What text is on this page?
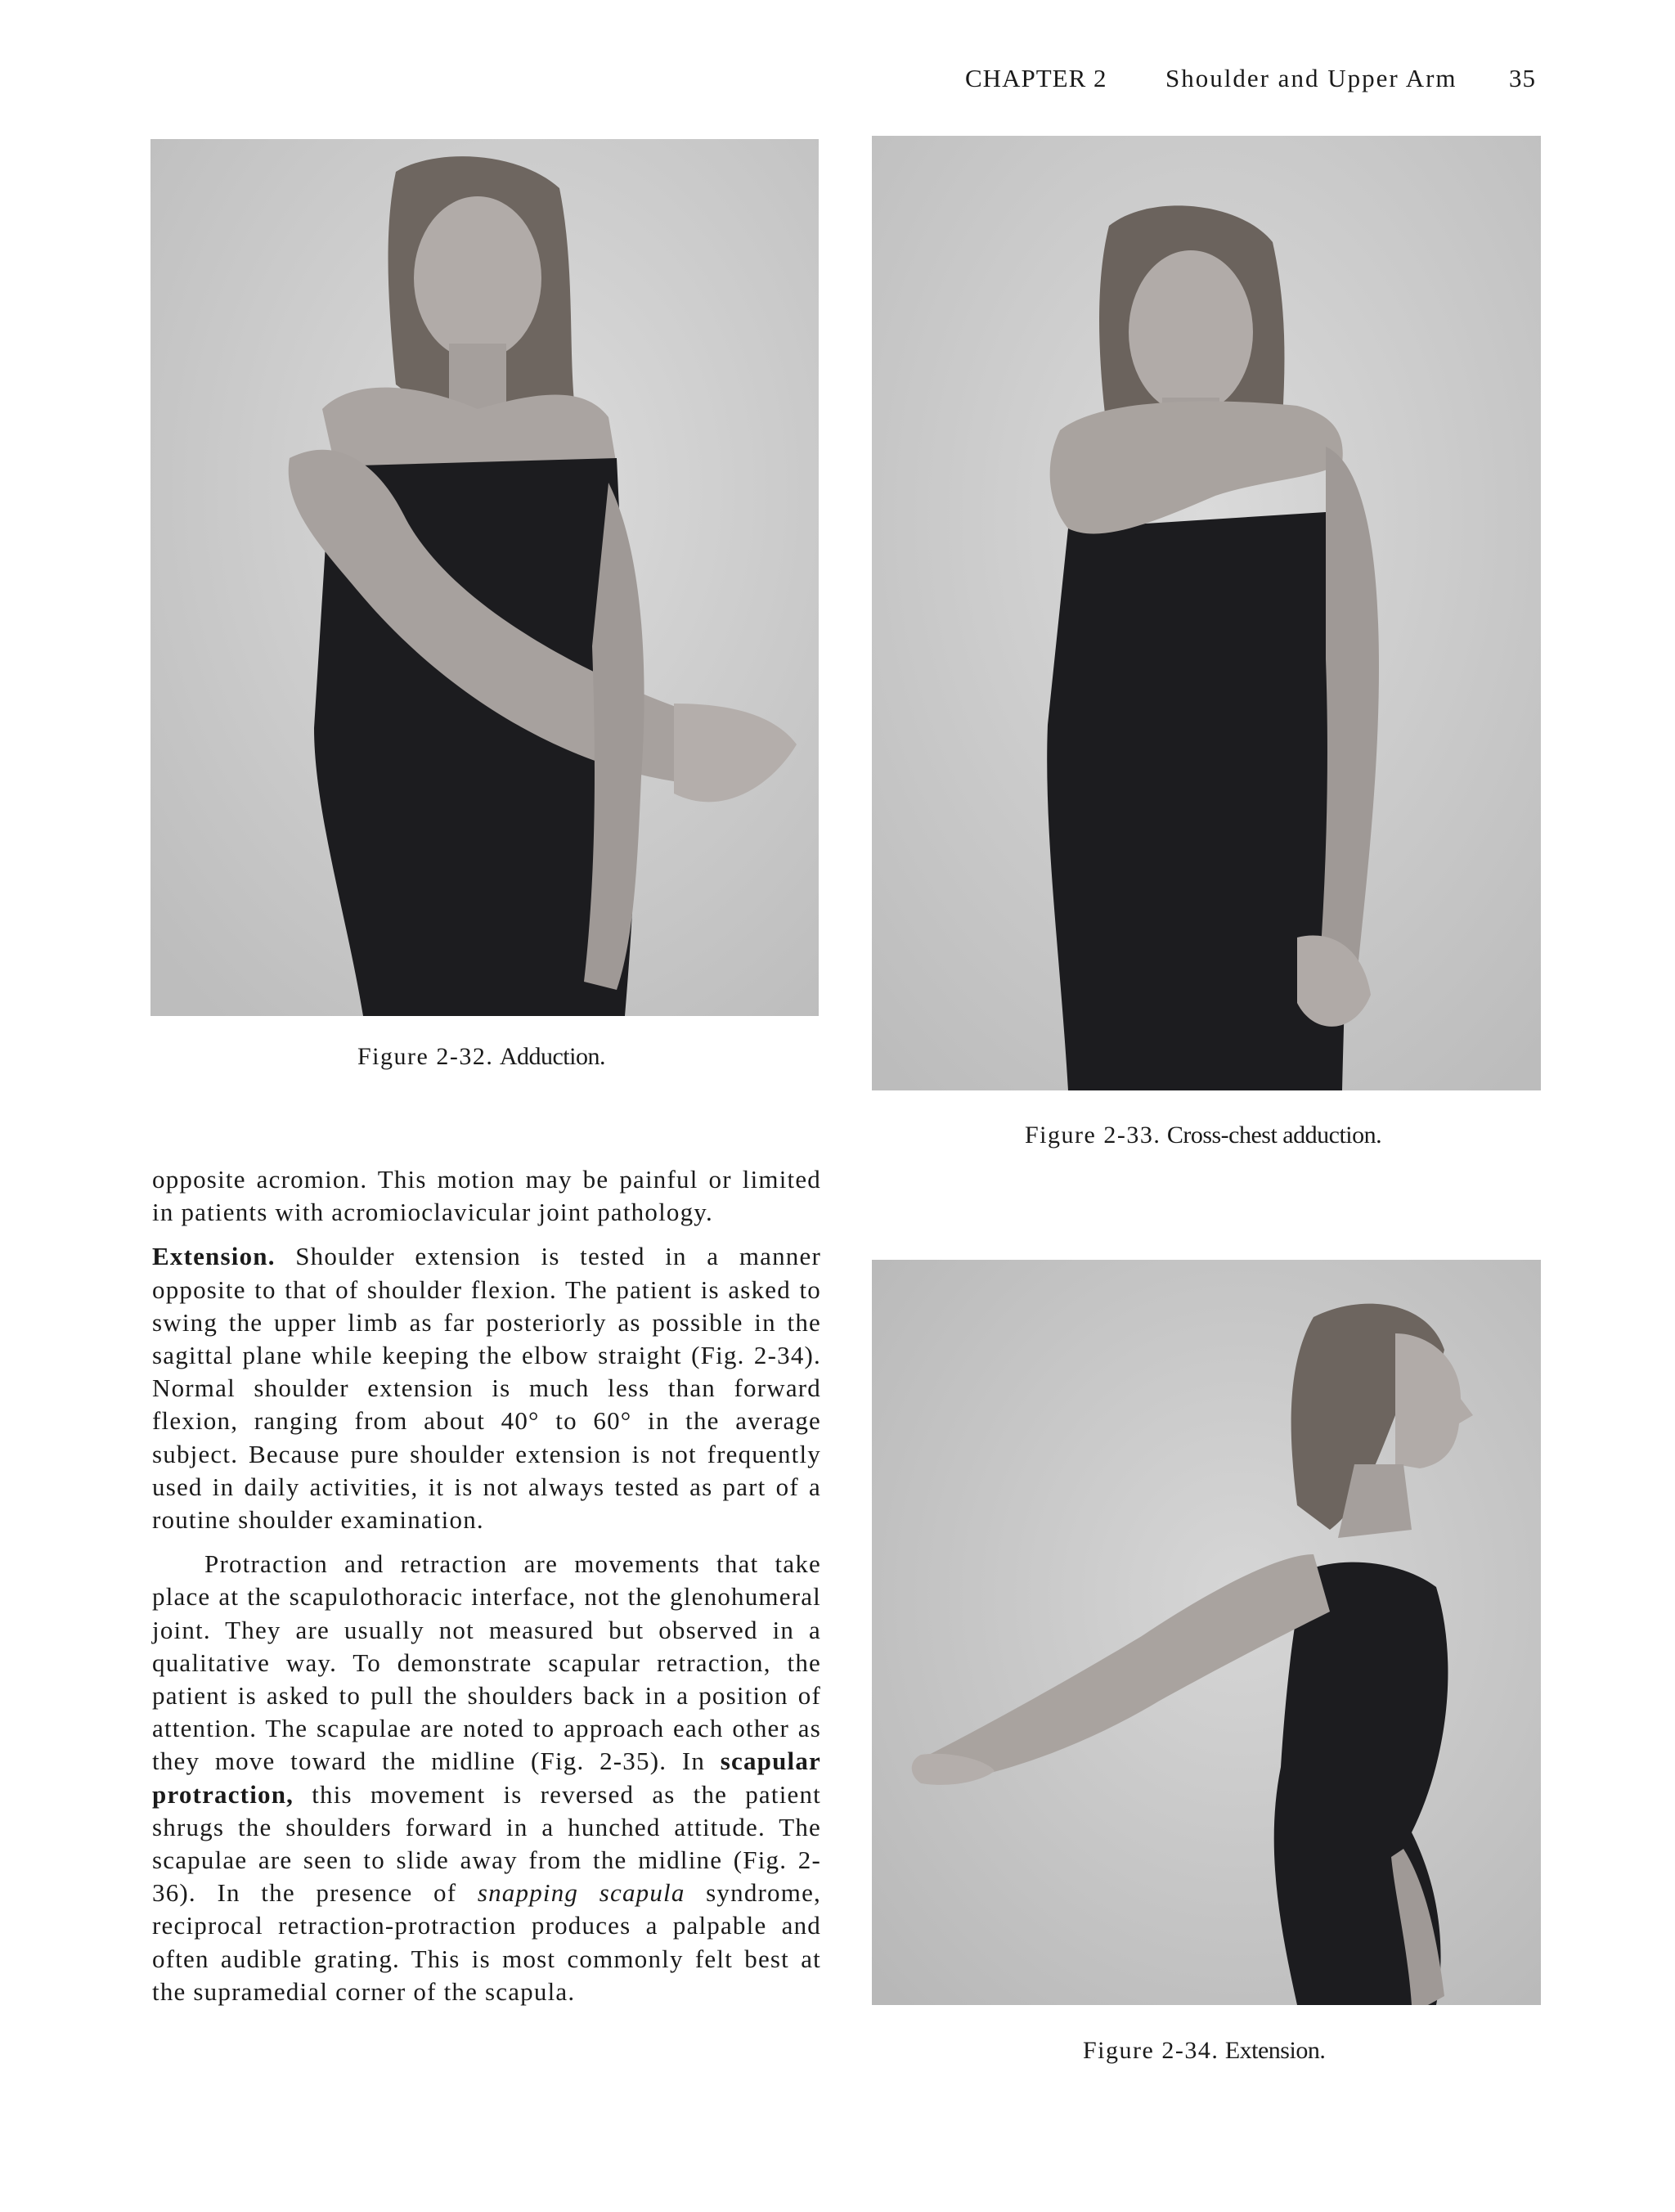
CHAPTER 2 Shoulder and Upper Arm 35
Figure 2-32. Adduction.
Figure 2-33. Cross-chest adduction.
Figure 2-34. Extension.

opposite acromion. This motion may be painful or limited in patients with acromioclavicular joint pathology.

Extension. Shoulder extension is tested in a manner opposite to that of shoulder flexion. The patient is asked to swing the upper limb as far posteriorly as possible in the sagittal plane while keeping the elbow straight (Fig. 2-34). Normal shoulder extension is much less than forward flexion, ranging from about 40° to 60° in the average subject. Because pure shoulder extension is not frequently used in daily activities, it is not always tested as part of a routine shoulder examination.

Protraction and retraction are movements that take place at the scapulothoracic interface, not the glenohumeral joint. They are usually not measured but observed in a qualitative way. To demonstrate scapular retraction, the patient is asked to pull the shoulders back in a position of attention. The scapulae are noted to approach each other as they move toward the midline (Fig. 2-35). In scapular protraction, this movement is reversed as the patient shrugs the shoulders forward in a hunched attitude. The scapulae are seen to slide away from the midline (Fig. 2-36). In the presence of snapping scapula syndrome, reciprocal retraction-protraction produces a palpable and often audible grating. This is most commonly felt best at the supramedial corner of the scapula.
